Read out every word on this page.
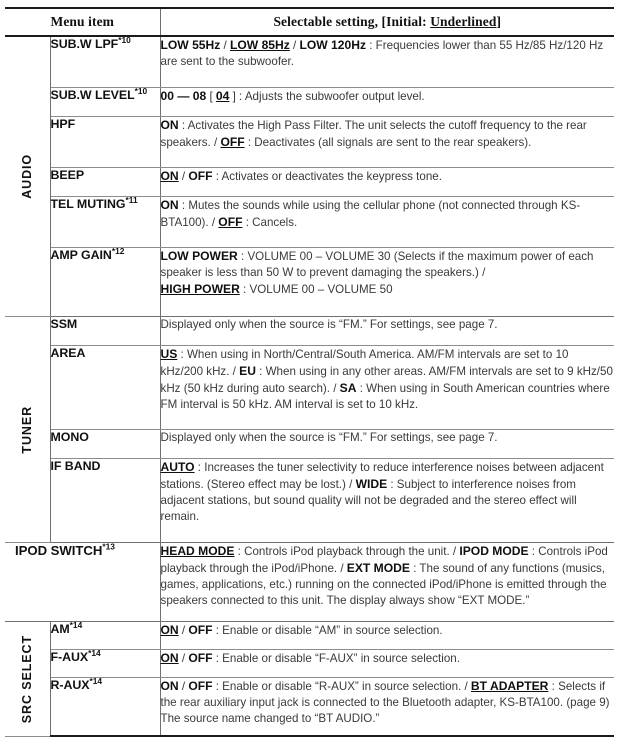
Menu item		Selectable setting, [Initial: Underlined]

AUDIO	SUB.W LPF$^{*10}$	LOW 55Hz / LOW 85Hz / LOW 120Hz : Frequencies lower than 55 Hz/85 Hz/120 Hz are sent to the subwoofer.
	SUB.W LEVEL$^{*10}$	00 — 08 [ 04 ] : Adjusts the subwoofer output level.
	HPF	ON : Activates the High Pass Filter. The unit selects the cutoff frequency to the rear speakers. / OFF : Deactivates (all signals are sent to the rear speakers).
	BEEP	ON / OFF : Activates or deactivates the keypress tone.
	TEL MUTING$^{*11}$	ON : Mutes the sounds while using the cellular phone (not connected through KS-BTA100). / OFF : Cancels.
	AMP GAIN$^{*12}$	LOW POWER : VOLUME 00 – VOLUME 30 (Selects if the maximum power of each speaker is less than 50 W to prevent damaging the speakers.) /
HIGH POWER : VOLUME 00 – VOLUME 50

TUNER	SSM	Displayed only when the source is “FM.” For settings, see page 7.
	AREA	US : When using in North/Central/South America. AM/FM intervals are set to 10 kHz/200 kHz. / EU : When using in any other areas. AM/FM intervals are set to 9 kHz/50 kHz (50 kHz during auto search). / SA : When using in South American countries where FM interval is 50 kHz. AM interval is set to 10 kHz.
	MONO	Displayed only when the source is “FM.” For settings, see page 7.
	IF BAND	AUTO : Increases the tuner selectivity to reduce interference noises between adjacent stations. (Stereo effect may be lost.) / WIDE : Subject to interference noises from adjacent stations, but sound quality will not be degraded and the stereo effect will remain.
IPOD SWITCH$^{*13}$		HEAD MODE : Controls iPod playback through the unit. / IPOD MODE : Controls iPod playback through the iPod/iPhone. / EXT MODE : The sound of any functions (musics, games, applications, etc.) running on the connected iPod/iPhone is emitted through the speakers connected to this unit. The display always show “EXT MODE.”

SRC SELECT	AM$^{*14}$	ON / OFF : Enable or disable “AM” in source selection.
	F-AUX$^{*14}$	ON / OFF : Enable or disable “F-AUX” in source selection.
	R-AUX$^{*14}$	ON / OFF : Enable or disable “R-AUX” in source selection. / BT ADAPTER : Selects if the rear auxiliary input jack is connected to the Bluetooth adapter, KS-BTA100. (page 9) The source name changed to “BT AUDIO.”
